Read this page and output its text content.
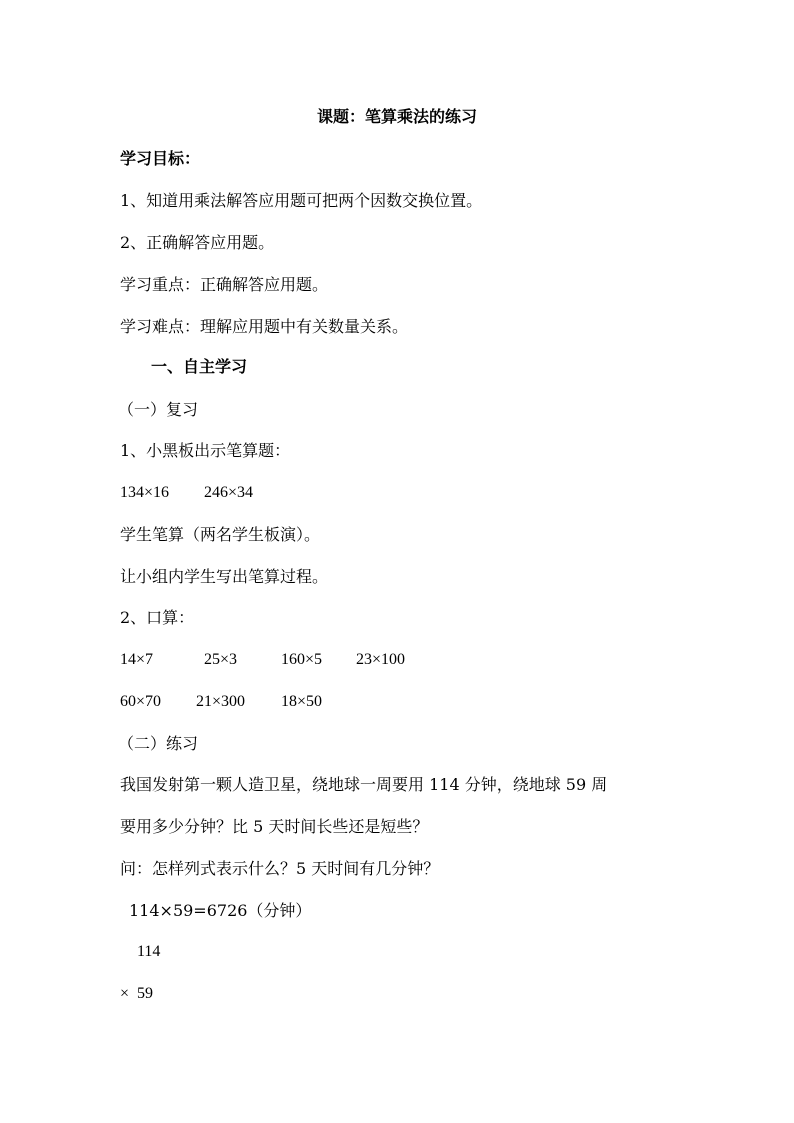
课题：笔算乘法的练习
学习目标：
1、知道用乘法解答应用题可把两个因数交换位置。
2、正确解答应用题。
学习重点：正确解答应用题。
学习难点：理解应用题中有关数量关系。
一、自主学习
（一）复习
1、小黑板出示笔算题：
134×16 246×34
学生笔算（两名学生板演）。
让小组内学生写出笔算过程。
2、口算：
14×7	25×3	160×5 23×100
60×70 21×300 18×50
（二）练习
我国发射第一颗人造卫星，绕地球一周要用 114 分钟，绕地球 59 周
要用多少分钟？比 5 天时间长些还是短些？
问：怎样列式表示什么？5 天时间有几分钟？
114×59=6726（分钟）
114
×  59
